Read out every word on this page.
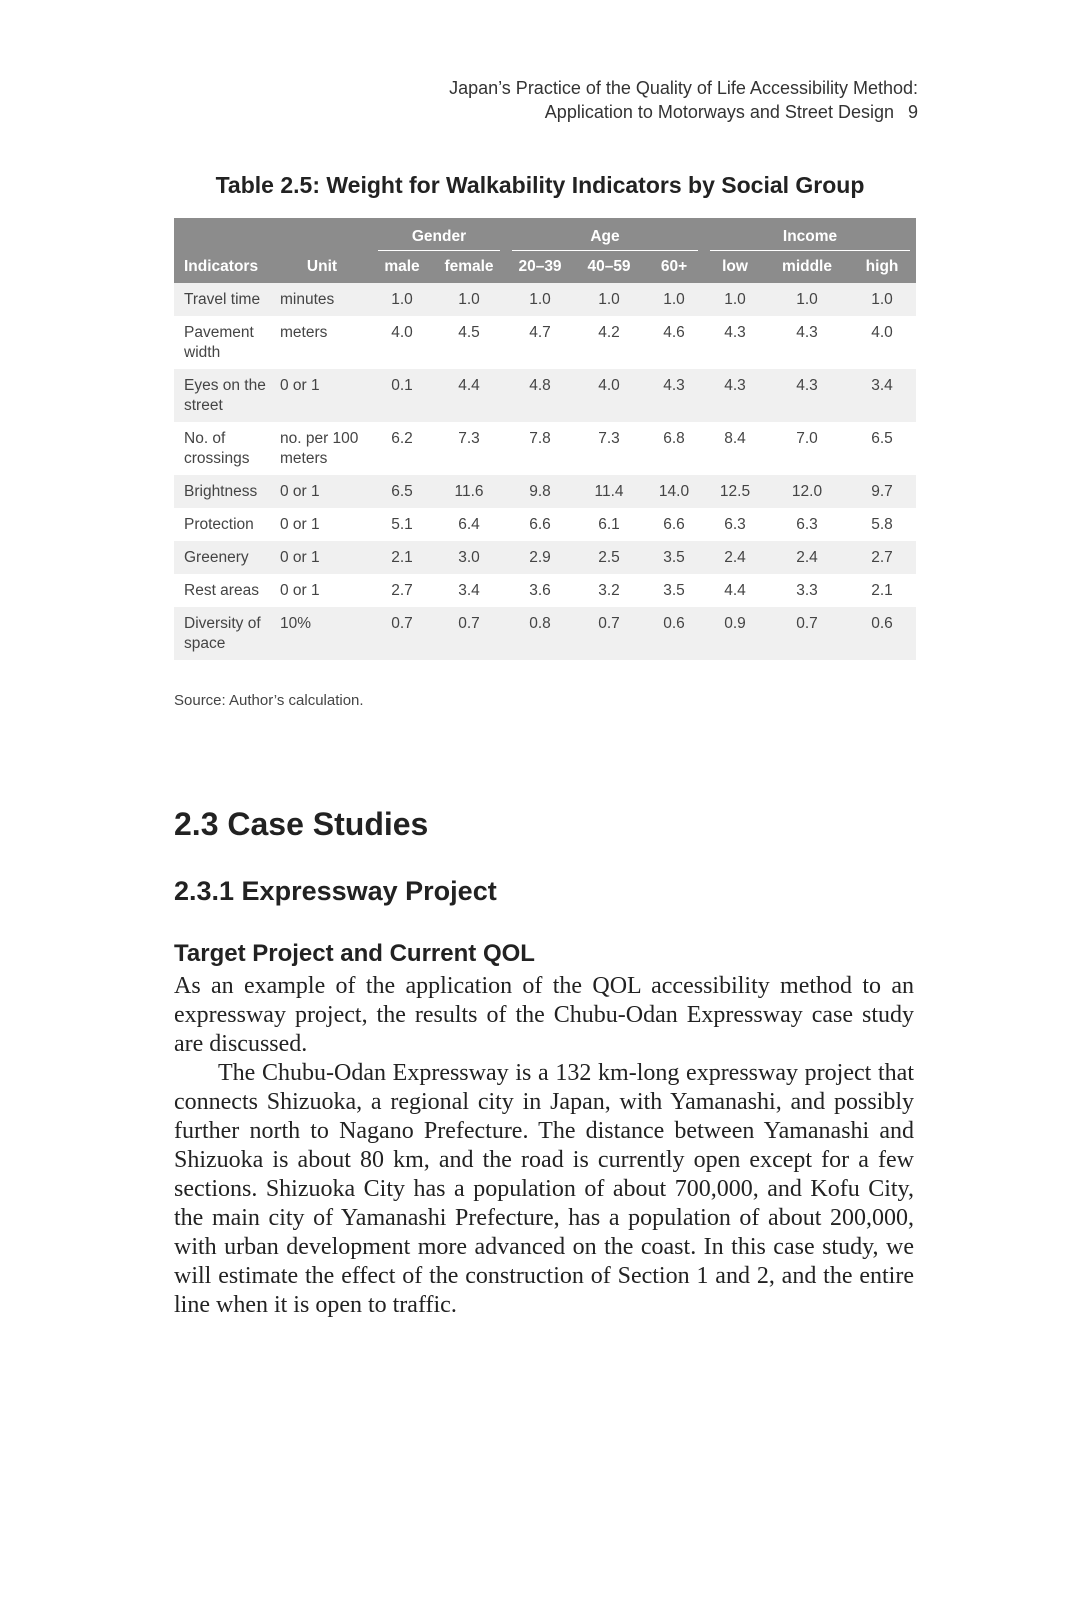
Japan’s Practice of the Quality of Life Accessibility Method:
Application to Motorways and Street Design 9
Table 2.5: Weight for Walkability Indicators by Social Group

		Gender		Age			Income		

Indicators	Unit	male	female	20–39	40–59	60+	low	middle	high
Travel time	minutes	1.0	1.0	1.0	1.0	1.0	1.0	1.0	1.0
Pavement width	meters	4.0	4.5	4.7	4.2	4.6	4.3	4.3	4.0
Eyes on the street	0 or 1	0.1	4.4	4.8	4.0	4.3	4.3	4.3	3.4
No. of crossings	no. per 100 meters	6.2	7.3	7.8	7.3	6.8	8.4	7.0	6.5
Brightness	0 or 1	6.5	11.6	9.8	11.4	14.0	12.5	12.0	9.7
Protection	0 or 1	5.1	6.4	6.6	6.1	6.6	6.3	6.3	5.8
Greenery	0 or 1	2.1	3.0	2.9	2.5	3.5	2.4	2.4	2.7
Rest areas	0 or 1	2.7	3.4	3.6	3.2	3.5	4.4	3.3	2.1
Diversity of space	10%	0.7	0.7	0.8	0.7	0.6	0.9	0.7	0.6
Source: Author’s calculation.
2.3 Case Studies
2.3.1 Expressway Project
Target Project and Current QOL

As an example of the application of the QOL accessibility method to an expressway project, the results of the Chubu-Odan Expressway case study are discussed.

The Chubu-Odan Expressway is a 132 km-long expressway project that connects Shizuoka, a regional city in Japan, with Yamanashi, and possibly further north to Nagano Prefecture. The distance between Yamanashi and Shizuoka is about 80 km, and the road is currently open except for a few sections. Shizuoka City has a population of about 700,000, and Kofu City, the main city of Yamanashi Prefecture, has a population of about 200,000, with urban development more advanced on the coast. In this case study, we will estimate the effect of the construction of Section 1 and 2, and the entire line when it is open to traffic.
